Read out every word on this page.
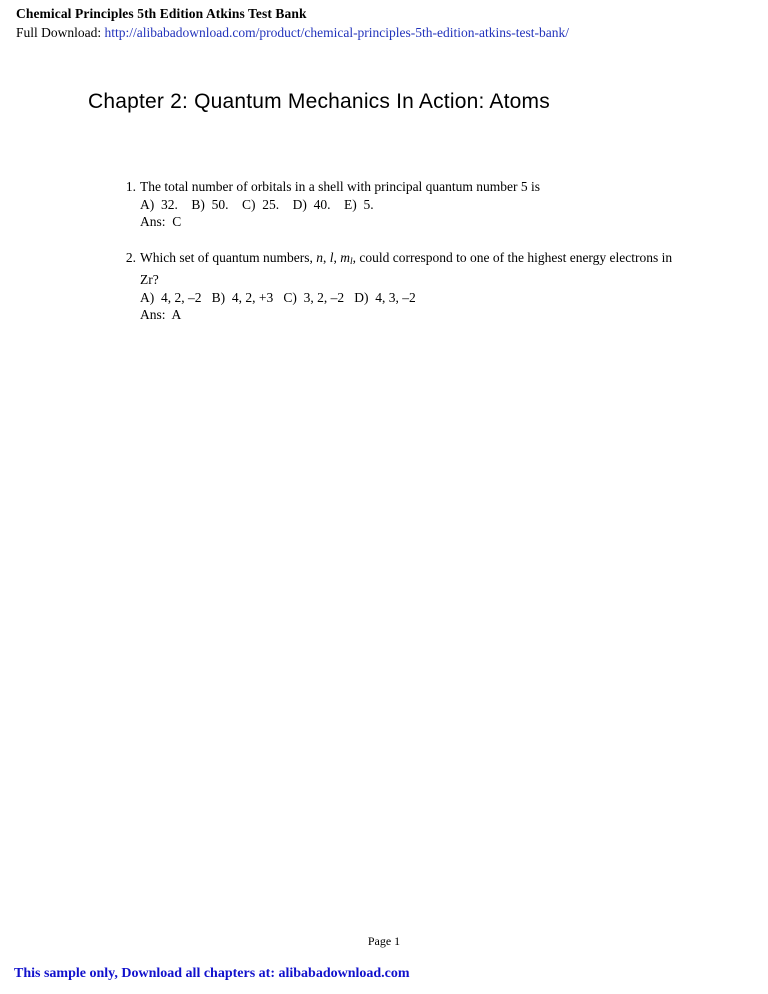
Chemical Principles 5th Edition Atkins Test Bank
Full Download: http://alibabadownload.com/product/chemical-principles-5th-edition-atkins-test-bank/
Chapter 2: Quantum Mechanics In Action: Atoms
1. The total number of orbitals in a shell with principal quantum number 5 is
A)  32.    B)  50.    C)  25.    D)  40.    E)  5.
Ans:  C
2. Which set of quantum numbers, n, l, $m_l$, could correspond to one of the highest energy electrons in Zr?
A)  4, 2, –2   B)  4, 2, +3   C)  3, 2, –2   D)  4, 3, –2
Ans:  A
Page 1
This sample only, Download all chapters at: alibabadownload.com
